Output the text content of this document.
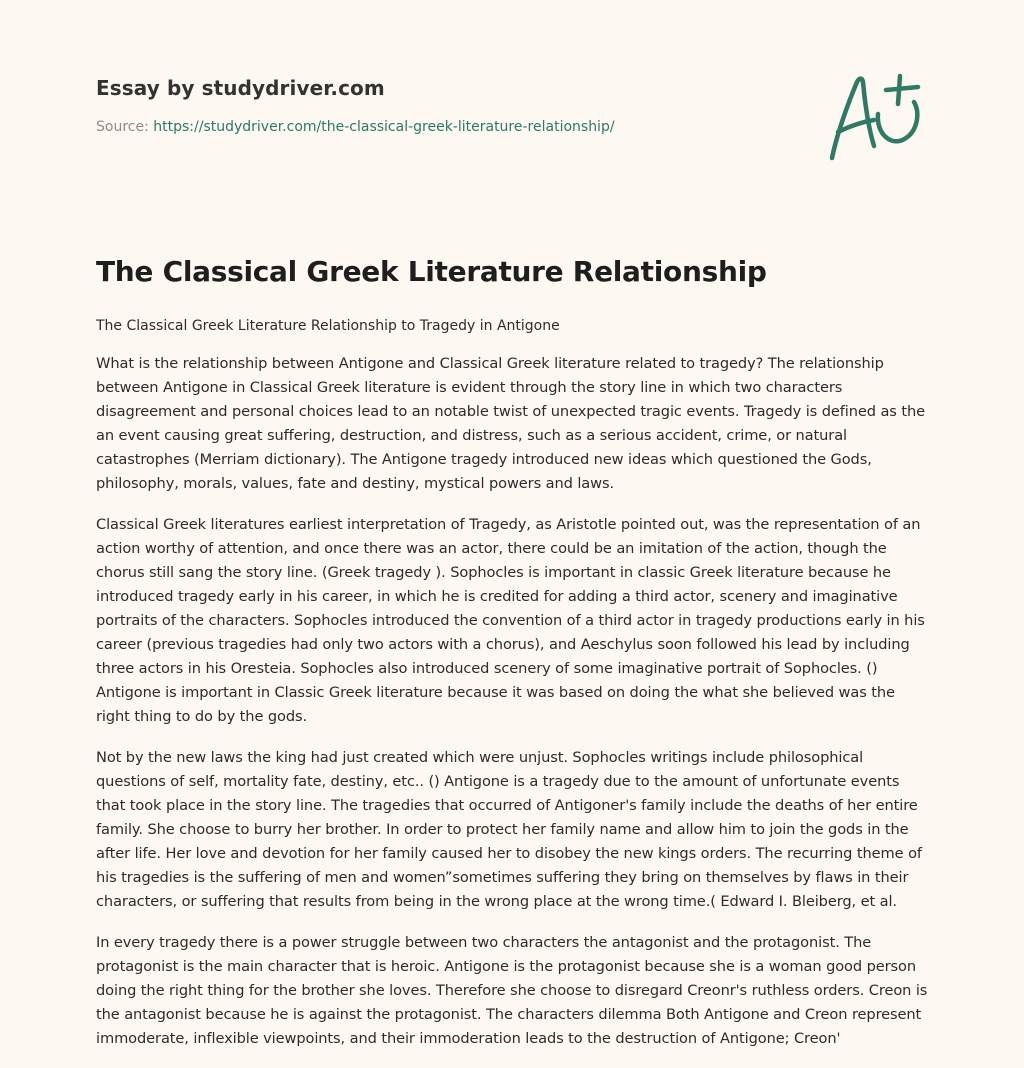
Essay by studydriver.com
Source: https://studydriver.com/the-classical-greek-literature-relationship/
The Classical Greek Literature Relationship

The Classical Greek Literature Relationship to Tragedy in Antigone

What is the relationship between Antigone and Classical Greek literature related to tragedy? The relationship between Antigone in Classical Greek literature is evident through the story line in which two characters disagreement and personal choices lead to an notable twist of unexpected tragic events. Tragedy is defined as the an event causing great suffering, destruction, and distress, such as a serious accident, crime, or natural catastrophes (Merriam dictionary). The Antigone tragedy introduced new ideas which questioned the Gods, philosophy, morals, values, fate and destiny, mystical powers and laws.

Classical Greek literatures earliest interpretation of Tragedy, as Aristotle pointed out, was the representation of an action worthy of attention, and once there was an actor, there could be an imitation of the action, though the chorus still sang the story line. (Greek tragedy ). Sophocles is important in classic Greek literature because he introduced tragedy early in his career, in which he is credited for adding a third actor, scenery and imaginative portraits of the characters. Sophocles introduced the convention of a third actor in tragedy productions early in his career (previous tragedies had only two actors with a chorus), and Aeschylus soon followed his lead by including three actors in his Oresteia. Sophocles also introduced scenery of some imaginative portrait of Sophocles. () Antigone is important in Classic Greek literature because it was based on doing the what she believed was the right thing to do by the gods.

Not by the new laws the king had just created which were unjust. Sophocles writings include philosophical questions of self, mortality fate, destiny, etc.. () Antigone is a tragedy due to the amount of unfortunate events that took place in the story line. The tragedies that occurred of Antigoner's family include the deaths of her entire family. She choose to burry her brother. In order to protect her family name and allow him to join the gods in the after life. Her love and devotion for her family caused her to disobey the new kings orders. The recurring theme of his tragedies is the suffering of men and women”sometimes suffering they bring on themselves by flaws in their characters, or suffering that results from being in the wrong place at the wrong time.( Edward I. Bleiberg, et al.

In every tragedy there is a power struggle between two characters the antagonist and the protagonist. The protagonist is the main character that is heroic. Antigone is the protagonist because she is a woman good person doing the right thing for the brother she loves. Therefore she choose to disregard Creonr's ruthless orders. Creon is the antagonist because he is against the protagonist. The characters dilemma Both Antigone and Creon represent immoderate, inflexible viewpoints, and their immoderation leads to the destruction of Antigone; Creon'
